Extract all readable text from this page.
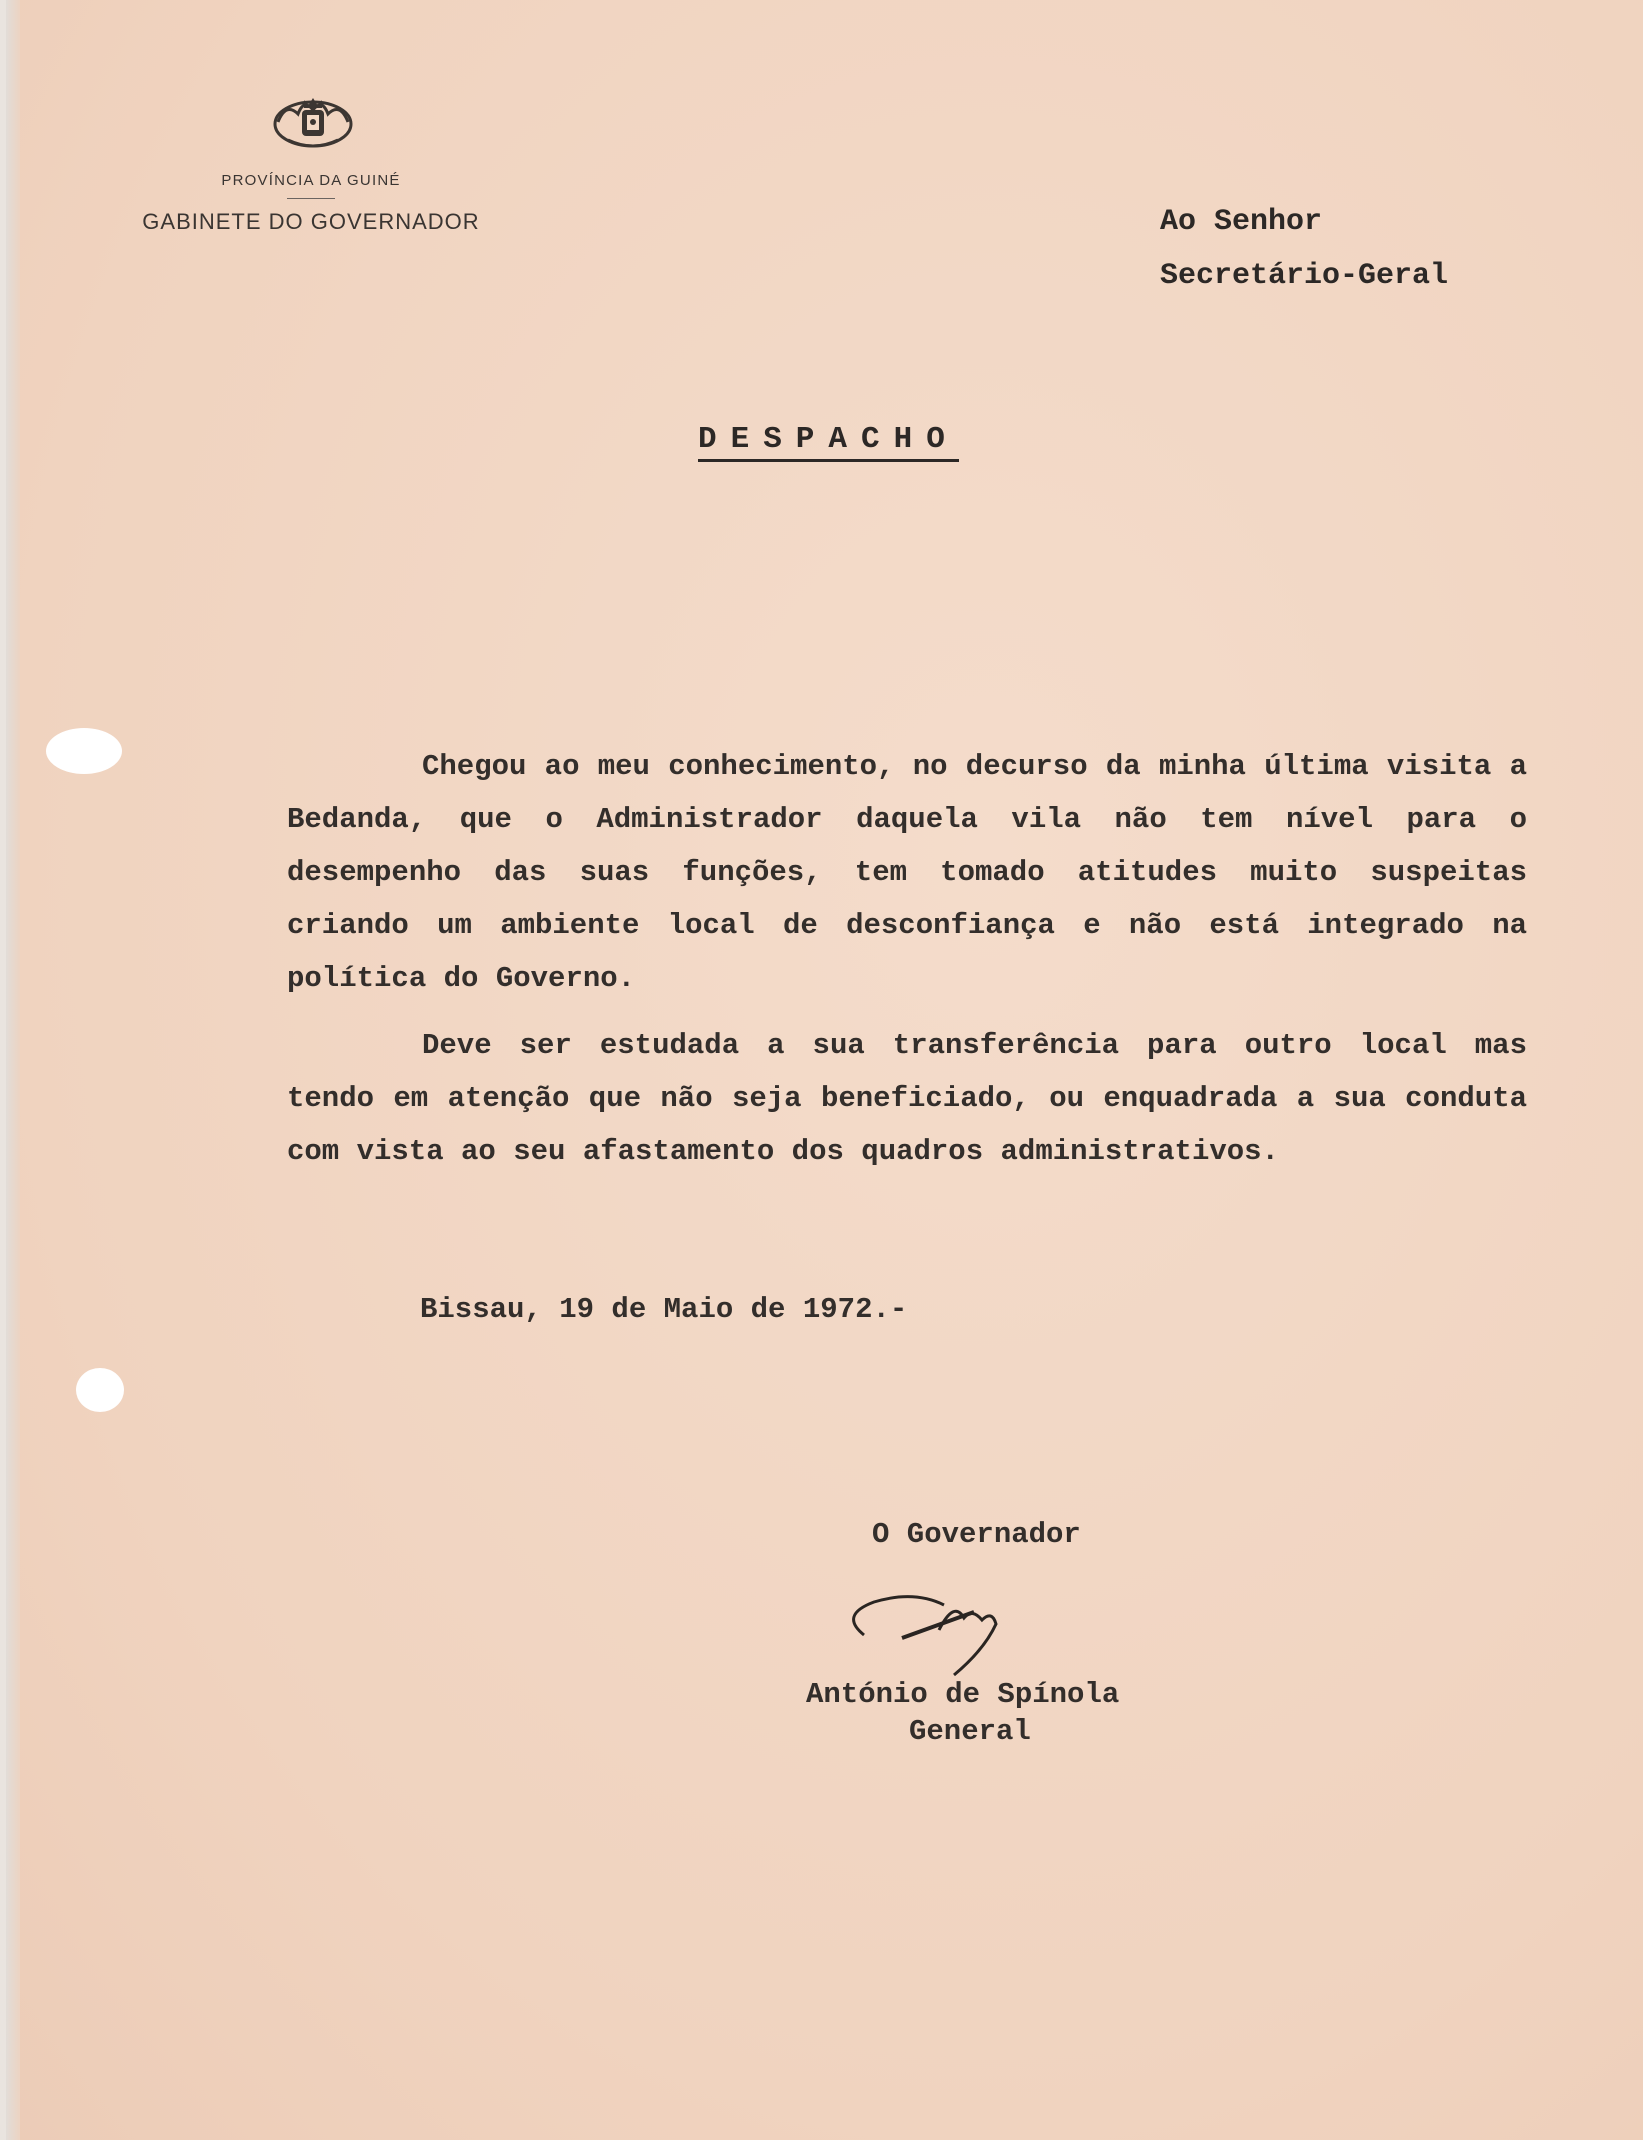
PROVÍNCIA DA GUINÉ
GABINETE DO GOVERNADOR	Ao Senhor
Secretário-Geral
DESPACHO

Chegou ao meu conhecimento, no decurso da minha última visita a Bedanda, que o Administrador daquela vila não tem nível para o desempenho das suas funções, tem tomado atitudes muito suspeitas criando um ambiente local de desconfiança e não está integrado na política do Governo.

Deve ser estudada a sua transferência para outro local mas tendo em atenção que não seja beneficiado, ou enquadrada a sua conduta com vista ao seu afastamento dos quadros administrativos.

Bissau, 19 de Maio de 1972.-
O Governador
António de Spínola
General
